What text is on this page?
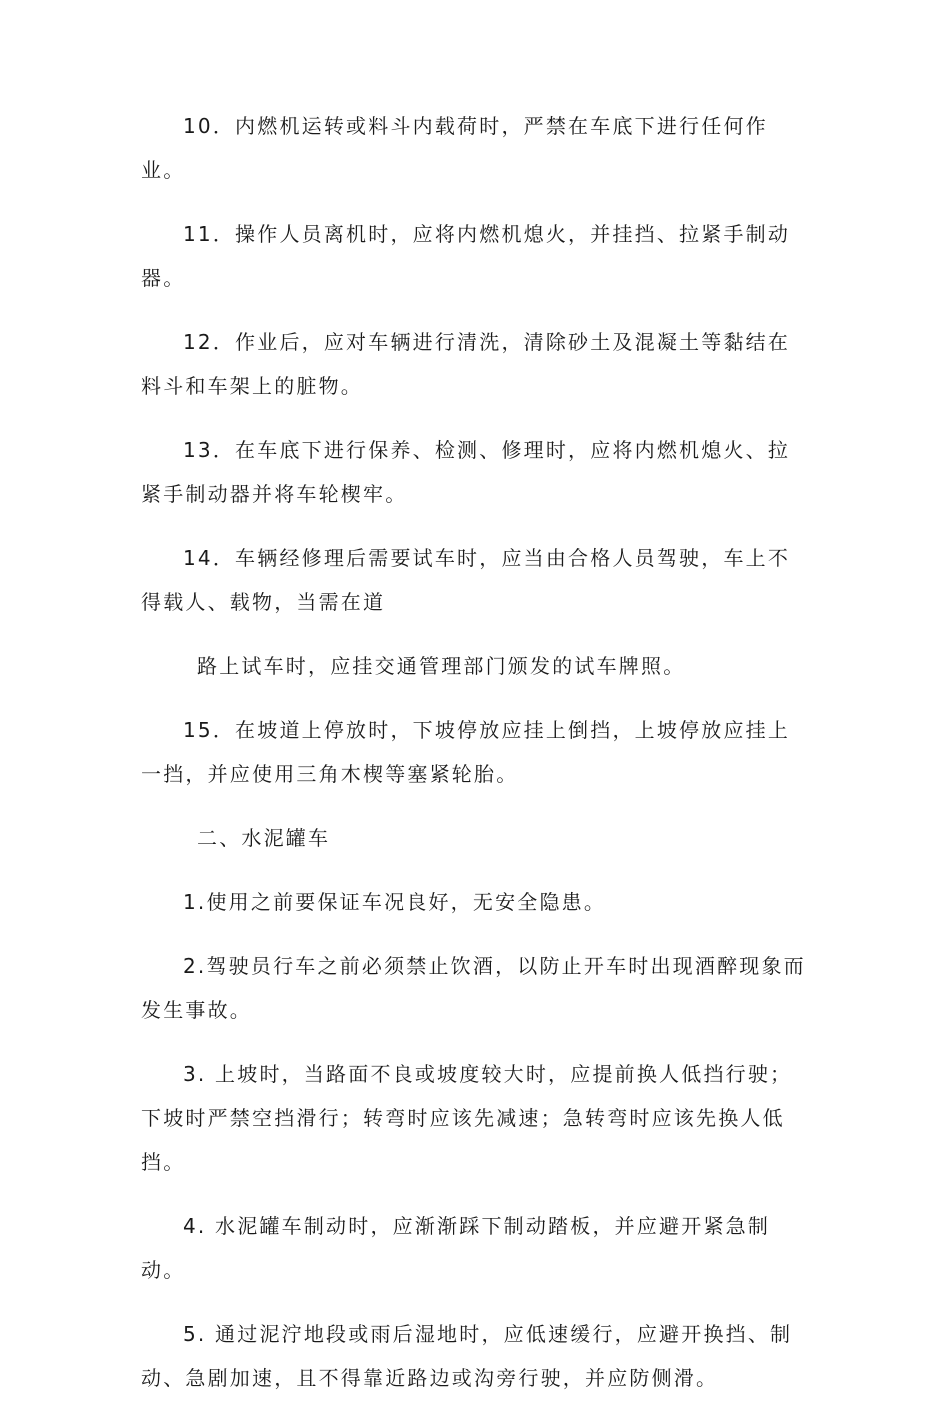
10．内燃机运转或料斗内载荷时，严禁在车底下进行任何作业。

11．操作人员离机时，应将内燃机熄火，并挂挡、拉紧手制动器。

12．作业后，应对车辆进行清洗，清除砂土及混凝土等黏结在料斗和车架上的脏物。

13．在车底下进行保养、检测、修理时，应将内燃机熄火、拉紧手制动器并将车轮楔牢。

14．车辆经修理后需要试车时，应当由合格人员驾驶，车上不得载人、载物，当需在道

路上试车时，应挂交通管理部门颁发的试车牌照。

15．在坡道上停放时，下坡停放应挂上倒挡，上坡停放应挂上一挡，并应使用三角木楔等塞紧轮胎。

二、水泥罐车

1.使用之前要保证车况良好，无安全隐患。

2.驾驶员行车之前必须禁止饮酒，以防止开车时出现酒醉现象而发生事故。

3. 上坡时，当路面不良或坡度较大时，应提前换人低挡行驶；下坡时严禁空挡滑行；转弯时应该先减速；急转弯时应该先换人低挡。

4. 水泥罐车制动时，应渐渐踩下制动踏板，并应避开紧急制动。

5. 通过泥泞地段或雨后湿地时，应低速缓行，应避开换挡、制动、急剧加速，且不得靠近路边或沟旁行驶，并应防侧滑。
